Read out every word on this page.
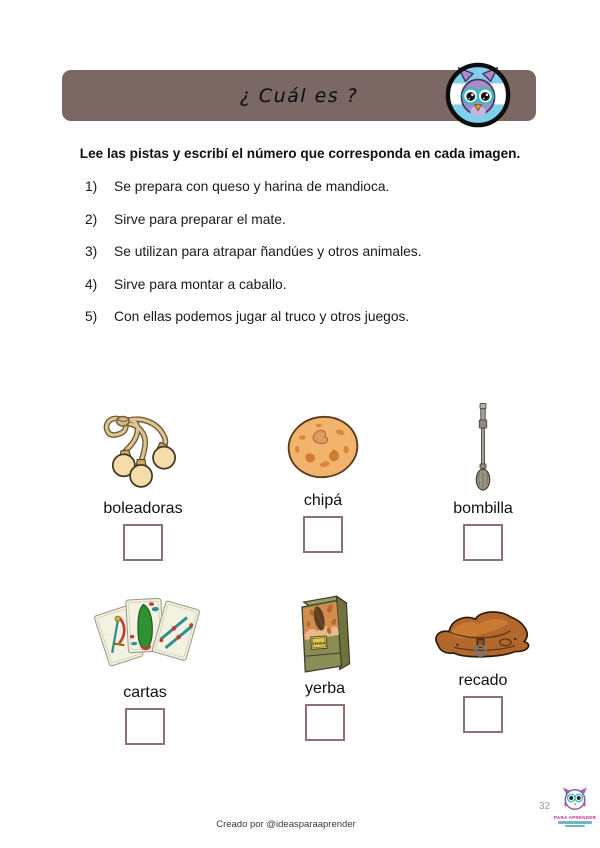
¿ Cuál es ?
Lee las pistas y escribí el número que corresponda en cada imagen.
1)	Se prepara con queso y harina de mandioca.
2)	Sirve para preparar el mate.
3)	Se utilizan para atrapar ñandúes y otros animales.
4)	Sirve para montar a caballo.
5)	Con ellas podemos jugar al truco y otros juegos.
boleadoras	chipá	bombilla
cartas
YERBA
yerba	recado
Creado por @ideasparaaprender
32
PARA APRENDER
